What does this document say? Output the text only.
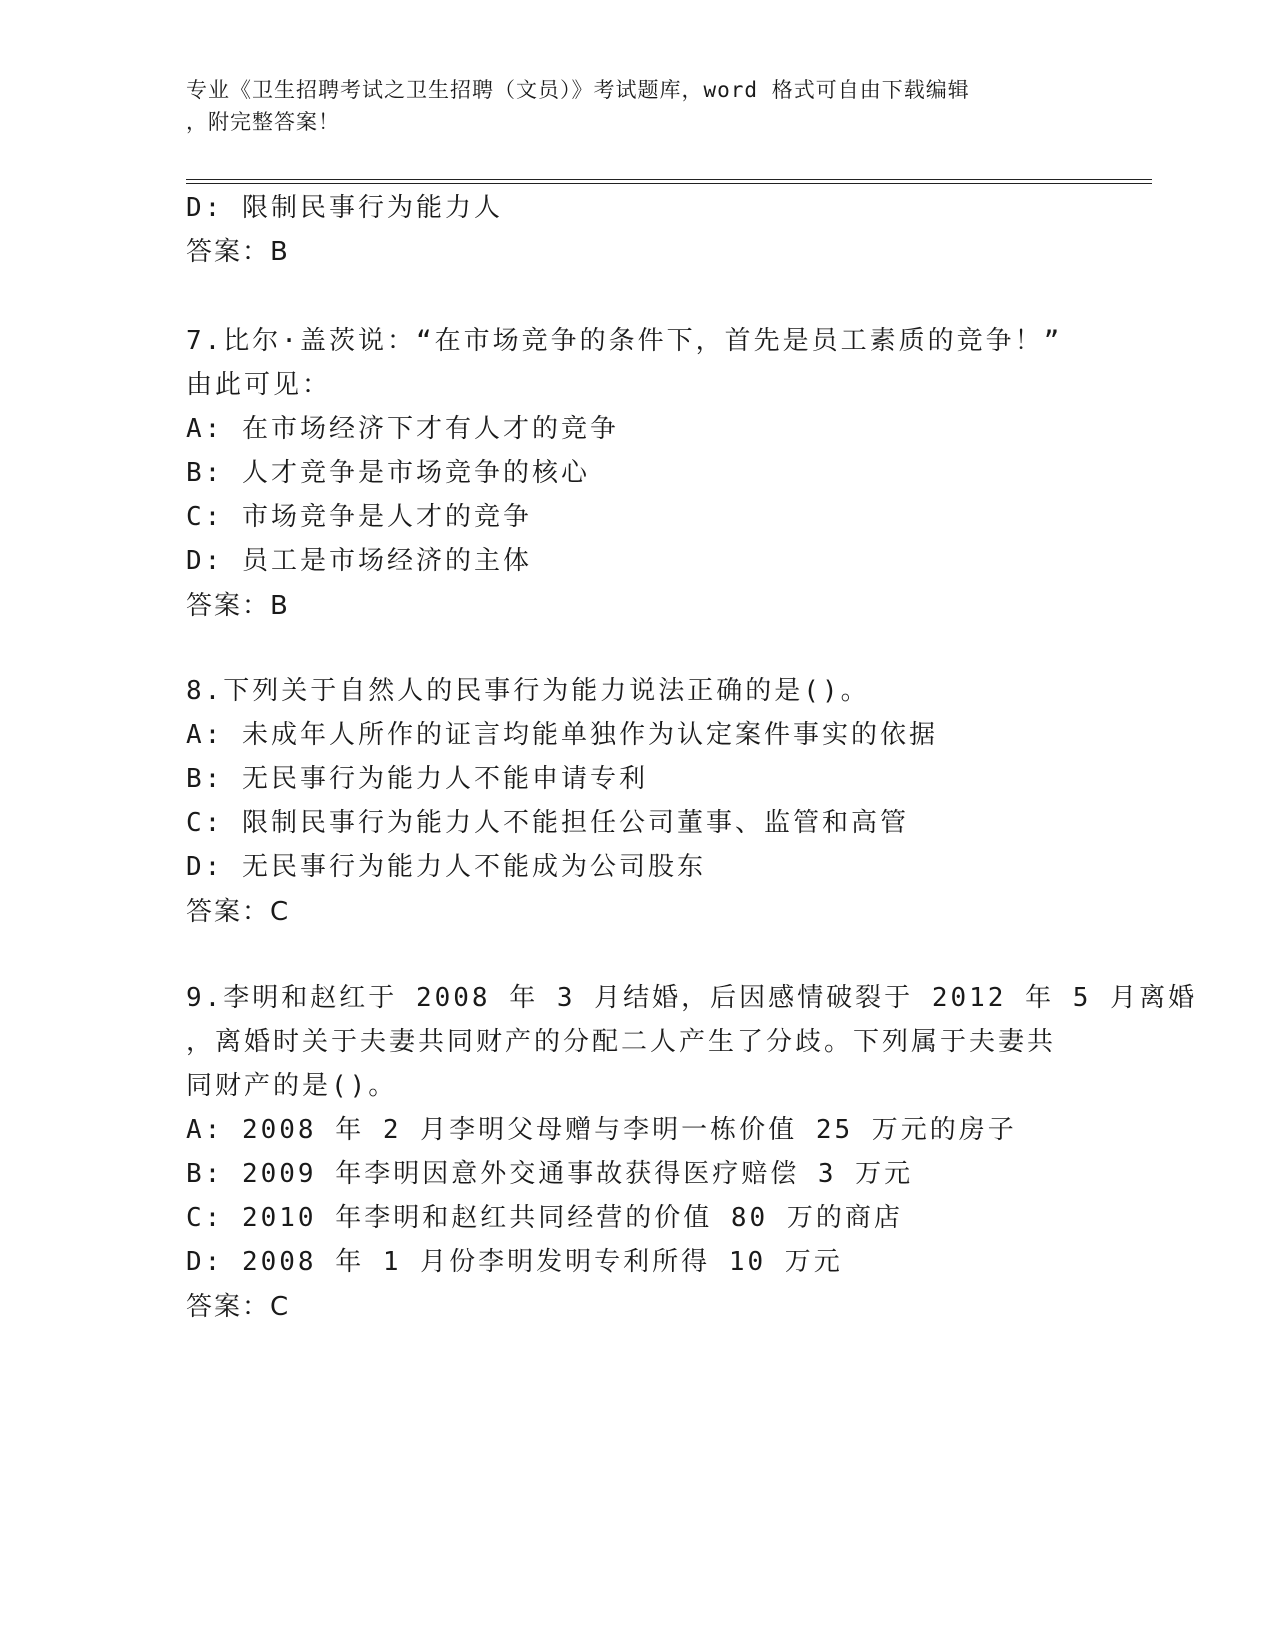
专业《卫生招聘考试之卫生招聘（文员）》考试题库，word 格式可自由下载编辑
，附完整答案！
D: 限制民事行为能力人
答案：B
7.比尔·盖茨说：“在市场竞争的条件下，首先是员工素质的竞争！”
由此可见：
A: 在市场经济下才有人才的竞争
B: 人才竞争是市场竞争的核心
C: 市场竞争是人才的竞争
D: 员工是市场经济的主体
答案：B
8.下列关于自然人的民事行为能力说法正确的是()。
A: 未成年人所作的证言均能单独作为认定案件事实的依据
B: 无民事行为能力人不能申请专利
C: 限制民事行为能力人不能担任公司董事、监管和高管
D: 无民事行为能力人不能成为公司股东
答案：C
9.李明和赵红于 2008 年 3 月结婚，后因感情破裂于 2012 年 5 月离婚
，离婚时关于夫妻共同财产的分配二人产生了分歧。下列属于夫妻共
同财产的是()。
A: 2008 年 2 月李明父母赠与李明一栋价值 25 万元的房子
B: 2009 年李明因意外交通事故获得医疗赔偿 3 万元
C: 2010 年李明和赵红共同经营的价值 80 万的商店
D: 2008 年 1 月份李明发明专利所得 10 万元
答案：C
